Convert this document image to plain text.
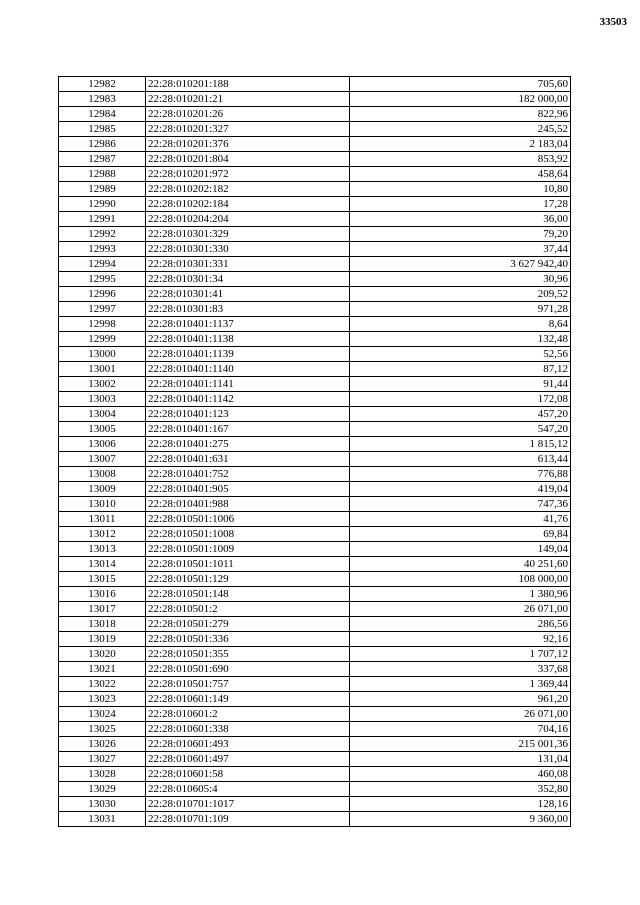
33503
12982	22:28:010201:188	705,60
12983	22:28:010201:21	182 000,00
12984	22:28:010201:26	822,96
12985	22:28:010201:327	245,52
12986	22:28:010201:376	2 183,04
12987	22:28:010201:804	853,92
12988	22:28:010201:972	458,64
12989	22:28:010202:182	10,80
12990	22:28:010202:184	17,28
12991	22:28:010204:204	36,00
12992	22:28:010301:329	79,20
12993	22:28:010301:330	37,44
12994	22:28:010301:331	3 627 942,40
12995	22:28:010301:34	30,96
12996	22:28:010301:41	209,52
12997	22:28:010301:83	971,28
12998	22:28:010401:1137	8,64
12999	22:28:010401:1138	132,48
13000	22:28:010401:1139	52,56
13001	22:28:010401:1140	87,12
13002	22:28:010401:1141	91,44
13003	22:28:010401:1142	172,08
13004	22:28:010401:123	457,20
13005	22:28:010401:167	547,20
13006	22:28:010401:275	1 815,12
13007	22:28:010401:631	613,44
13008	22:28:010401:752	776,88
13009	22:28:010401:905	419,04
13010	22:28:010401:988	747,36
13011	22:28:010501:1006	41,76
13012	22:28:010501:1008	69,84
13013	22:28:010501:1009	149,04
13014	22:28:010501:1011	40 251,60
13015	22:28:010501:129	108 000,00
13016	22:28:010501:148	1 380,96
13017	22:28:010501:2	26 071,00
13018	22:28:010501:279	286,56
13019	22:28:010501:336	92,16
13020	22:28:010501:355	1 707,12
13021	22:28:010501:690	337,68
13022	22:28:010501:757	1 369,44
13023	22:28:010601:149	961,20
13024	22:28:010601:2	26 071,00
13025	22:28:010601:338	704,16
13026	22:28:010601:493	215 001,36
13027	22:28:010601:497	131,04
13028	22:28:010601:58	460,08
13029	22:28:010605:4	352,80
13030	22:28:010701:1017	128,16
13031	22:28:010701:109	9 360,00
